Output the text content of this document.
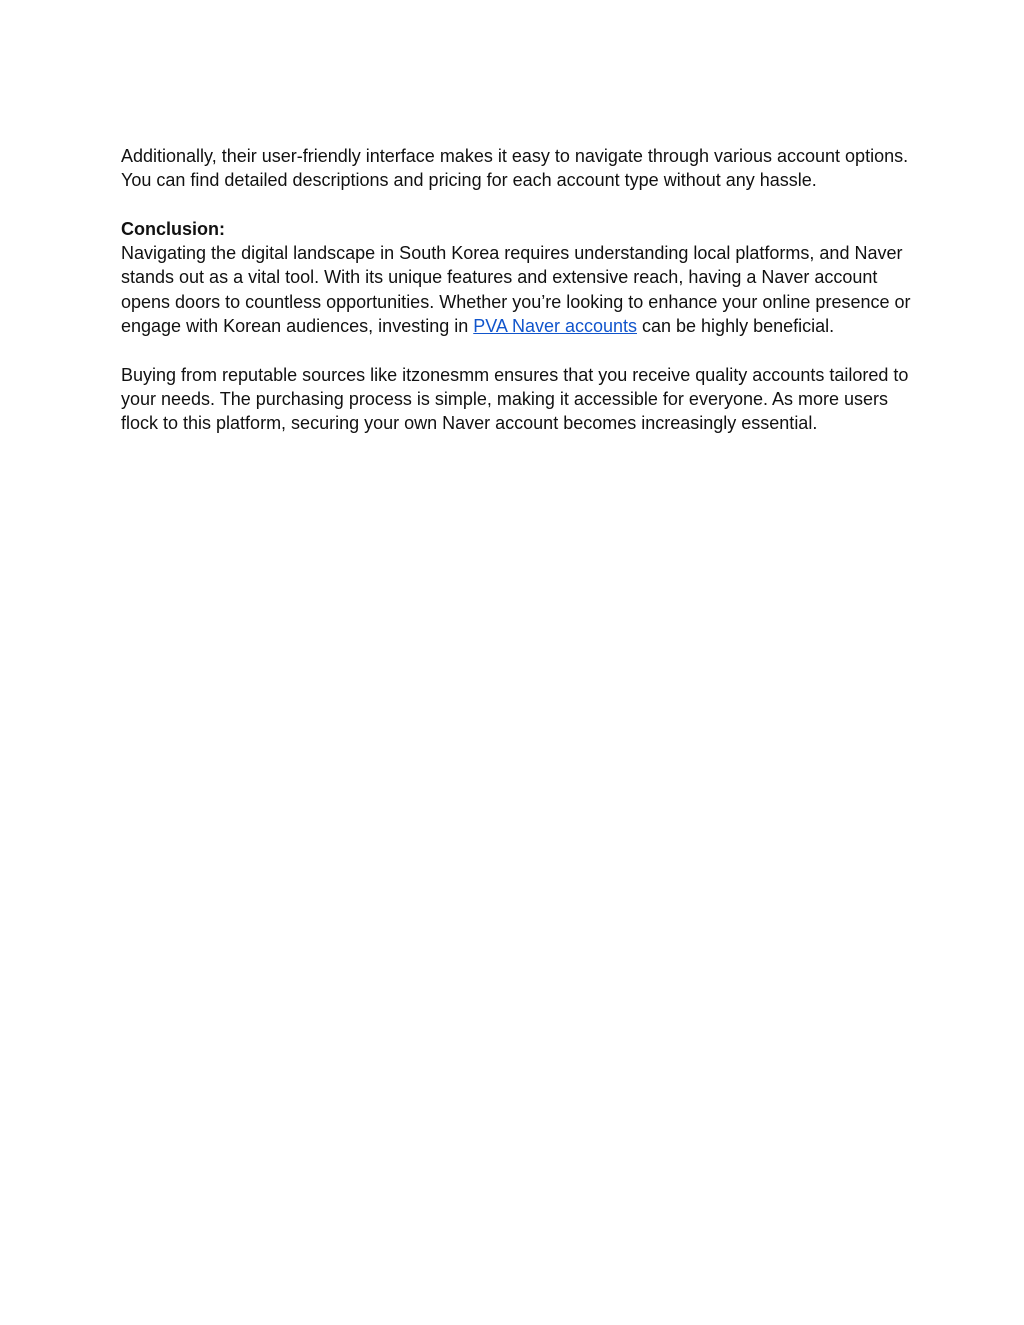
Additionally, their user-friendly interface makes it easy to navigate through various account options. You can find detailed descriptions and pricing for each account type without any hassle.

Conclusion:

Navigating the digital landscape in South Korea requires understanding local platforms, and Naver stands out as a vital tool. With its unique features and extensive reach, having a Naver account opens doors to countless opportunities. Whether you’re looking to enhance your online presence or engage with Korean audiences, investing in PVA Naver accounts can be highly beneficial.

Buying from reputable sources like itzonesmm ensures that you receive quality accounts tailored to your needs. The purchasing process is simple, making it accessible for everyone. As more users flock to this platform, securing your own Naver account becomes increasingly essential.
